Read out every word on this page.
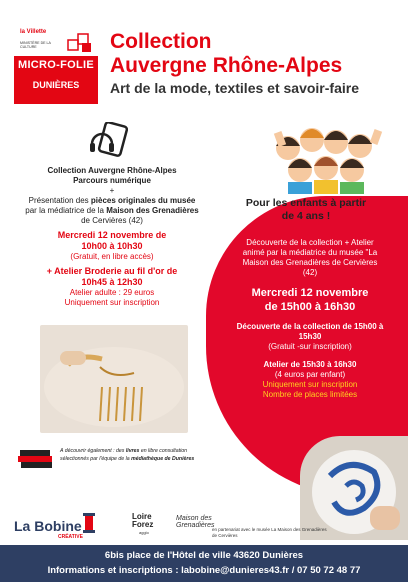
la Villette
MINISTÈRE DE LA CULTURE
MICRO-FOLIE
DUNIÈRES
Collection
Auvergne Rhône-Alpes
Art de la mode, textiles et savoir-faire
Collection Auvergne Rhône-Alpes
Parcours numérique
+
Présentation des pièces originales du musée par la médiatrice de la Maison des Grenadières de Cervières (42)
Mercredi 12 novembre de 10h00 à 10h30
(Gratuit, en libre accès)
+ Atelier Broderie au fil d'or de 10h45 à 12h30
Atelier adulte : 29 euros
Uniquement sur inscription
A découvrir également : des livres en libre consultation sélectionnés par l'équipe de la médiathèque de Dunières
Pour les enfants à partir de 4 ans !
Découverte de la collection + Atelier animé par la médiatrice du musée "La Maison des Grenadières de Cervières (42)
Mercredi 12 novembre de 15h00 à 16h30
Découverte de la collection de 15h00 à 15h30
(Gratuit -sur inscription)
Atelier de 15h30 à 16h30
(4 euros par enfant)
Uniquement sur inscription
Nombre de places limitées
La Bobine
CRÉATIVE
Loire Forez
agglo
Maison des Grenadières
en partenariat avec le musée La Maison des Grenadières de Cervières
6bis place de l'Hôtel de ville 43620 Dunières
Informations et inscriptions : labobine@dunieres43.fr / 07 50 72 48 77
